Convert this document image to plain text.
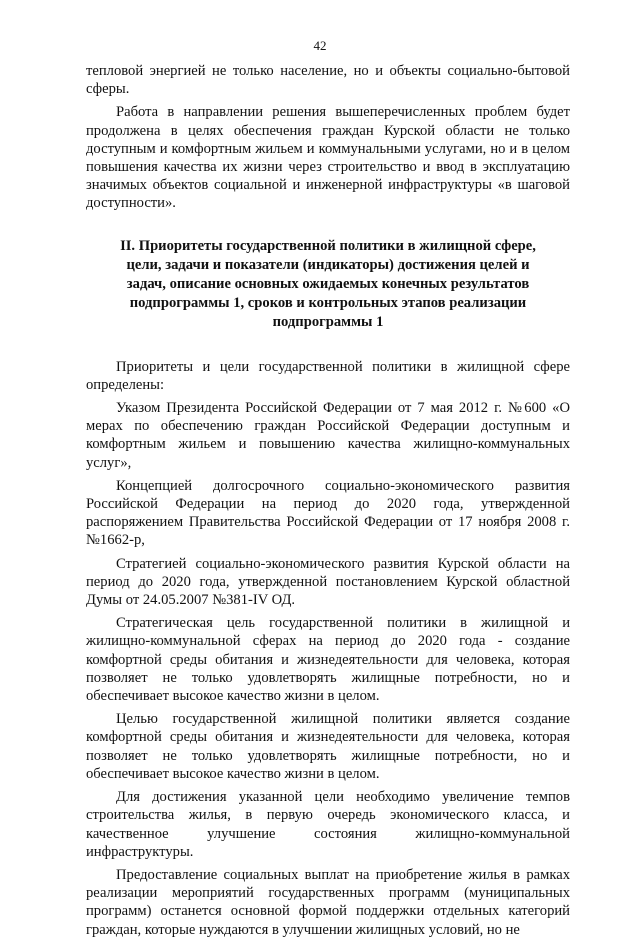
42

тепловой энергией не только население, но и объекты социально-бытовой сферы.

Работа в направлении решения вышеперечисленных проблем будет продолжена в целях обеспечения граждан Курской области не только доступным и комфортным жильем и коммунальными услугами, но и в целом повышения качества их жизни через строительство и ввод в эксплуатацию значимых объектов социальной и инженерной инфраструктуры «в шаговой доступности».

II. Приоритеты государственной политики в жилищной сфере,
цели, задачи и показатели (индикаторы) достижения целей и
задач, описание основных ожидаемых конечных результатов
подпрограммы 1, сроков и контрольных этапов реализации
подпрограммы 1

Приоритеты и цели государственной политики в жилищной сфере определены:

Указом Президента Российской Федерации от 7 мая 2012 г. №600 «О мерах по обеспечению граждан Российской Федерации доступным и комфортным жильем и повышению качества жилищно-коммунальных услуг»,

Концепцией долгосрочного социально-экономического развития Российской Федерации на период до 2020 года, утвержденной распоряжением Правительства Российской Федерации от 17 ноября 2008 г. №1662-р,

Стратегией социально-экономического развития Курской области на период до 2020 года, утвержденной постановлением Курской областной Думы от 24.05.2007 №381-IV ОД.

Стратегическая цель государственной политики в жилищной и жилищно-коммунальной сферах на период до 2020 года - создание комфортной среды обитания и жизнедеятельности для человека, которая позволяет не только удовлетворять жилищные потребности, но и обеспечивает высокое качество жизни в целом.

Целью государственной жилищной политики является создание комфортной среды обитания и жизнедеятельности для человека, которая позволяет не только удовлетворять жилищные потребности, но и обеспечивает высокое качество жизни в целом.

Для достижения указанной цели необходимо увеличение темпов строительства жилья, в первую очередь экономического класса, и качественное улучшение состояния жилищно-коммунальной инфраструктуры.

Предоставление социальных выплат на приобретение жилья в рамках реализации мероприятий государственных программ (муниципальных программ) останется основной формой поддержки отдельных категорий граждан, которые нуждаются в улучшении жилищных условий, но не
